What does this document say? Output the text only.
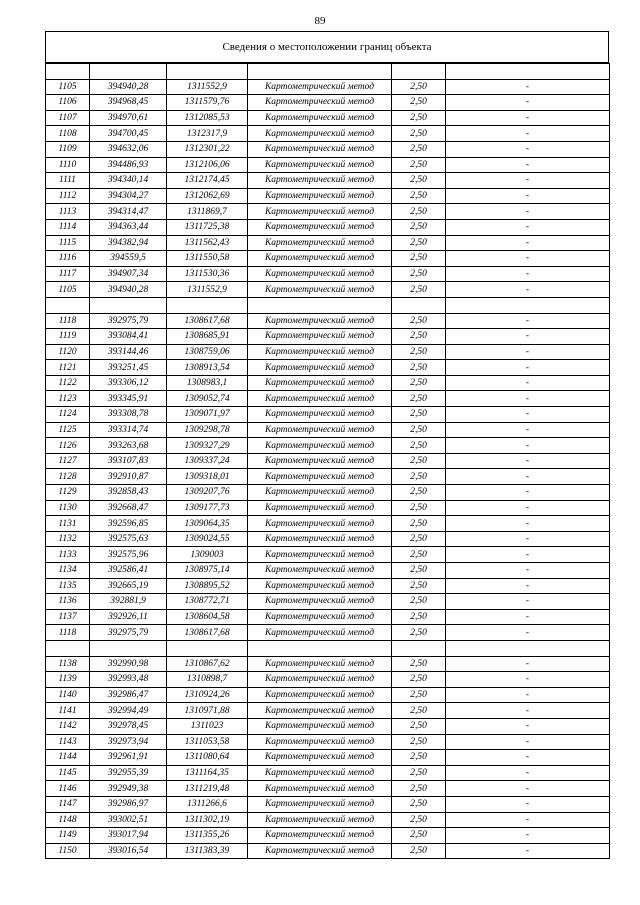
89
Сведения о местоположении границ объекта

1105	394940,28	1311552,9	Картометрический метод	2,50	-
1106	394968,45	1311579,76	Картометрический метод	2,50	-
1107	394970,61	1312085,53	Картометрический метод	2,50	-
1108	394700,45	1312317,9	Картометрический метод	2,50	-
1109	394632,06	1312301,22	Картометрический метод	2,50	-
1110	394486,93	1312106,06	Картометрический метод	2,50	-
1111	394340,14	1312174,45	Картометрический метод	2,50	-
1112	394304,27	1312062,69	Картометрический метод	2,50	-
1113	394314,47	1311869,7	Картометрический метод	2,50	-
1114	394363,44	1311725,38	Картометрический метод	2,50	-
1115	394382,94	1311562,43	Картометрический метод	2,50	-
1116	394559,5	1311550,58	Картометрический метод	2,50	-
1117	394907,34	1311530,36	Картометрический метод	2,50	-
1105	394940,28	1311552,9	Картометрический метод	2,50	-

1118	392975,79	1308617,68	Картометрический метод	2,50	-
1119	393084,41	1308685,91	Картометрический метод	2,50	-
1120	393144,46	1308759,06	Картометрический метод	2,50	-
1121	393251,45	1308913,54	Картометрический метод	2,50	-
1122	393306,12	1308983,1	Картометрический метод	2,50	-
1123	393345,91	1309052,74	Картометрический метод	2,50	-
1124	393308,78	1309071,97	Картометрический метод	2,50	-
1125	393314,74	1309298,78	Картометрический метод	2,50	-
1126	393263,68	1309327,29	Картометрический метод	2,50	-
1127	393107,83	1309337,24	Картометрический метод	2,50	-
1128	392910,87	1309318,01	Картометрический метод	2,50	-
1129	392858,43	1309207,76	Картометрический метод	2,50	-
1130	392668,47	1309177,73	Картометрический метод	2,50	-
1131	392596,85	1309064,35	Картометрический метод	2,50	-
1132	392575,63	1309024,55	Картометрический метод	2,50	-
1133	392575,96	1309003	Картометрический метод	2,50	-
1134	392586,41	1308975,14	Картометрический метод	2,50	-
1135	392665,19	1308895,52	Картометрический метод	2,50	-
1136	392881,9	1308772,71	Картометрический метод	2,50	-
1137	392926,11	1308604,58	Картометрический метод	2,50	-
1118	392975,79	1308617,68	Картометрический метод	2,50	-

1138	392990,98	1310867,62	Картометрический метод	2,50	-
1139	392993,48	1310898,7	Картометрический метод	2,50	-
1140	392986,47	1310924,26	Картометрический метод	2,50	-
1141	392994,49	1310971,88	Картометрический метод	2,50	-
1142	392978,45	1311023	Картометрический метод	2,50	-
1143	392973,94	1311053,58	Картометрический метод	2,50	-
1144	392961,91	1311080,64	Картометрический метод	2,50	-
1145	392955,39	1311164,35	Картометрический метод	2,50	-
1146	392949,38	1311219,48	Картометрический метод	2,50	-
1147	392986,97	1311266,6	Картометрический метод	2,50	-
1148	393002,51	1311302,19	Картометрический метод	2,50	-
1149	393017,94	1311355,26	Картометрический метод	2,50	-
1150	393016,54	1311383,39	Картометрический метод	2,50	-
